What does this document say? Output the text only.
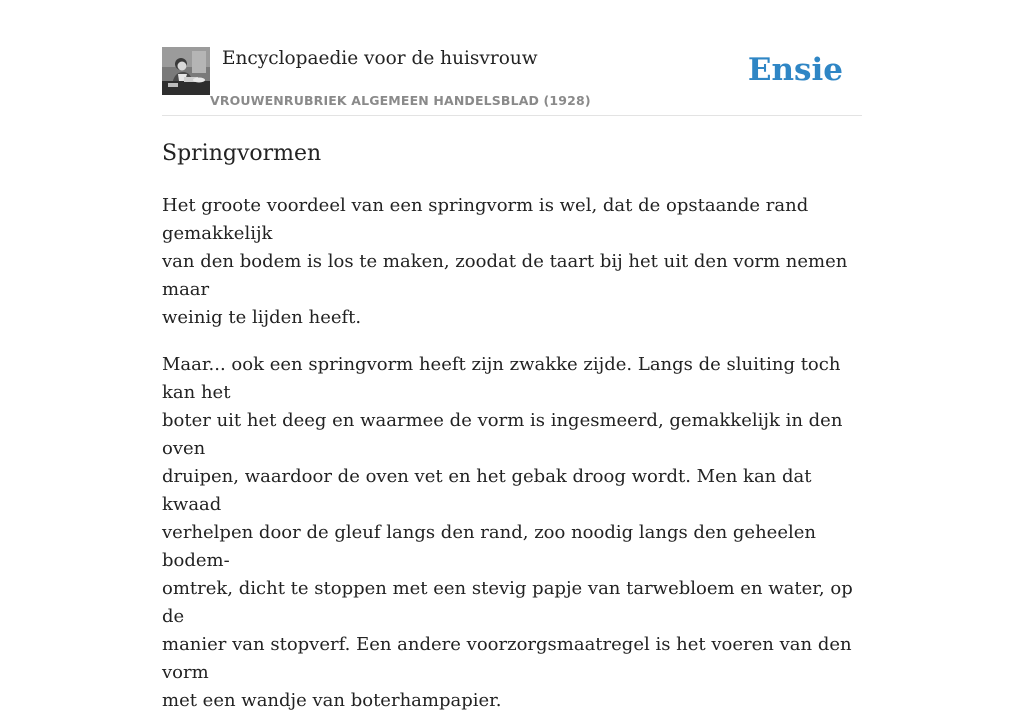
Encyclopaedie voor de huisvrouw
VROUWENRUBRIEK ALGEMEEN HANDELSBLAD (1928)
Ensie
Springvormen

Het groote voordeel van een springvorm is wel, dat de opstaande rand gemakkelijk
van den bodem is los te maken, zoodat de taart bij het uit den vorm nemen maar
weinig te lijden heeft.

Maar... ook een springvorm heeft zijn zwakke zijde. Langs de sluiting toch kan het
boter uit het deeg en waarmee de vorm is ingesmeerd, gemakkelijk in den oven
druipen, waardoor de oven vet en het gebak droog wordt. Men kan dat kwaad
verhelpen door de gleuf langs den rand, zoo noodig langs den geheelen bodem-
omtrek, dicht te stoppen met een stevig papje van tarwebloem en water, op de
manier van stopverf. Een andere voorzorgsmaatregel is het voeren van den vorm
met een wandje van boterhampapier.
